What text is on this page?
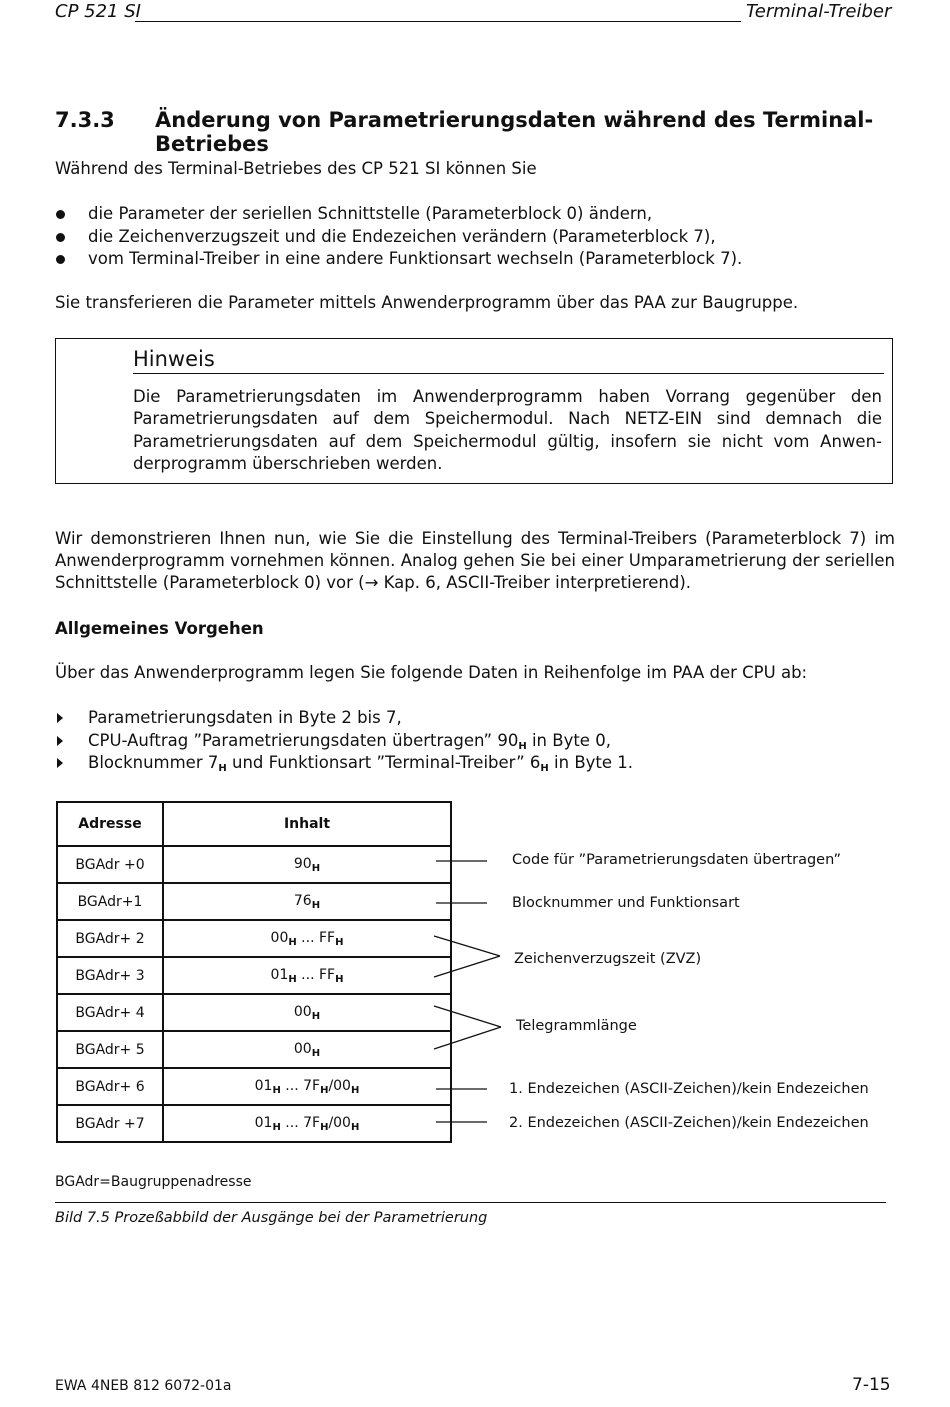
CP 521 SI	Terminal-Treiber
7.3.3 Änderung von Parametrierungsdaten während des Terminal-Betriebes
Während des Terminal-Betriebes des CP 521 SI können Sie
die Parameter der seriellen Schnittstelle (Parameterblock 0) ändern,
die Zeichenverzugszeit und die Endezeichen verändern (Parameterblock 7),
vom Terminal-Treiber in eine andere Funktionsart wechseln (Parameterblock 7).
Sie transferieren die Parameter mittels Anwenderprogramm über das PAA zur Baugruppe.
Hinweis
Die Parametrierungsdaten im Anwenderprogramm haben Vorrang gegenüber den Parametrierungsdaten auf dem Speichermodul. Nach NETZ-EIN sind demnach die Parametrierungsdaten auf dem Speichermodul gültig, insofern sie nicht vom Anwen- derprogramm überschrieben werden.
Wir demonstrieren Ihnen nun, wie Sie die Einstellung des Terminal-Treibers (Parameterblock 7) im Anwenderprogramm vornehmen können. Analog gehen Sie bei einer Umparametrierung der seriellen Schnittstelle (Parameterblock 0) vor (→ Kap. 6, ASCII-Treiber interpretierend).
Allgemeines Vorgehen
Über das Anwenderprogramm legen Sie folgende Daten in Reihenfolge im PAA der CPU ab:
Parametrierungsdaten in Byte 2 bis 7,
CPU-Auftrag ”Parametrierungsdaten übertragen” $90_H$ in Byte 0,
Blocknummer $7_H$ und Funktionsart ”Terminal-Treiber” $6_H$ in Byte 1.
Adresse	Inhalt
BGAdr +0	$90_H$
BGAdr+1	$76_H$
BGAdr+ 2	$00_H$ ... $FF_H$
BGAdr+ 3	$01_H$ ... $FF_H$
BGAdr+ 4	$00_H$
BGAdr+ 5	$00_H$
BGAdr+ 6	$01_H$ ... $7F_H/00_H$
BGAdr +7	$01_H$ ... $7F_H/00_H$
Code für ”Parametrierungsdaten übertragen”
Blocknummer und Funktionsart
Zeichenverzugszeit (ZVZ)
Telegrammlänge
1. Endezeichen (ASCII-Zeichen)/kein Endezeichen
2. Endezeichen (ASCII-Zeichen)/kein Endezeichen
BGAdr=Baugruppenadresse
Bild 7.5 Prozeßabbild der Ausgänge bei der Parametrierung
EWA 4NEB 812 6072-01a	7-15
